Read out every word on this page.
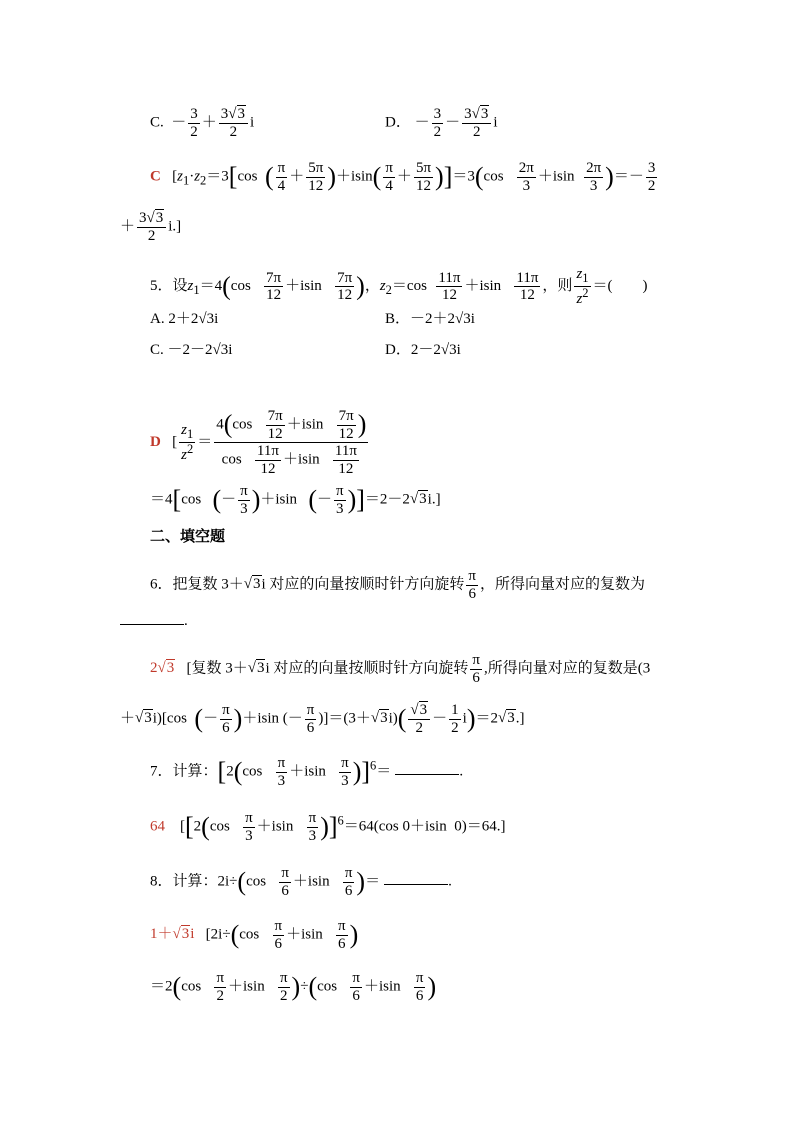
C.  － $\frac{3}{2} + \frac{3√3}{2}$ i	D． － $\frac{3}{2} - \frac{3√3}{2}$ i
C   [$z_1\cdot z_2=3[\cos$  ( $\frac{\pi}{4} + \frac{5\pi}{12} )+isin( \frac{\pi}{4} + \frac{5\pi}{12} )]=3(\cos \frac{2\pi}{3} +isin \frac{2\pi}{3}$ )＝－ $\frac{3}{2}$
＋ $\frac{3√3}{2} i$.]
5．设$z_1=4(\cos \frac{7\pi}{12} +isin \frac{7\pi}{12}$ )，$z_2=\cos \frac{11\pi}{12} +isin \frac{11\pi}{12}$ ，则 $\frac{z_1}{z^2}$ ＝(　　)
A. 2＋2√3i	B．－2＋2√3i
C. －2－2√3i	D．2－2√3i
D   [ $\frac{z_1}{z^2} = \frac{4(\cos \frac{7\pi}{12} +isin \frac{7\pi}{12} )}{\cos \frac{11\pi}{12} +isin \frac{11\pi}{12}}$
＝4[cos   (－ $\frac{\pi}{3} )+isin$   (－ $\frac{\pi}{3} )]=2-2√3i$.]
二、填空题
6．把复数 3＋√3i 对应的向量按顺时针方向旋转 $\frac{\pi}{6}$ ，所得向量对应的复数为
.
2√3   [复数 3＋√3i 对应的向量按顺时针方向旋转 $\frac{\pi}{6}$ ,所得向量对应的复数是(3
＋√3i)[cos  (－ $\frac{\pi}{6} )+isin$ (－ $\frac{\pi}{6} )]=(3+√3i)( \frac{√3}{2} - \frac{1}{2} i)=2√3$.]
7．计算：$[2(\cos \frac{\pi}{3} +isin \frac{\pi}{3} )]^6=$	.
64    [$[2(\cos \frac{\pi}{3} +isin \frac{\pi}{3} )]^6=64(\cos$ 0＋isin  0)＝64.]
8．计算：$2i\div(\cos \frac{\pi}{6} +isin \frac{\pi}{6}$ )＝	.
1＋√3i   [$2i\div(\cos \frac{\pi}{6} +isin \frac{\pi}{6}$ )
$=2(\cos \frac{\pi}{2} +isin \frac{\pi}{2} )\div(\cos \frac{\pi}{6} +isin \frac{\pi}{6}$ )
